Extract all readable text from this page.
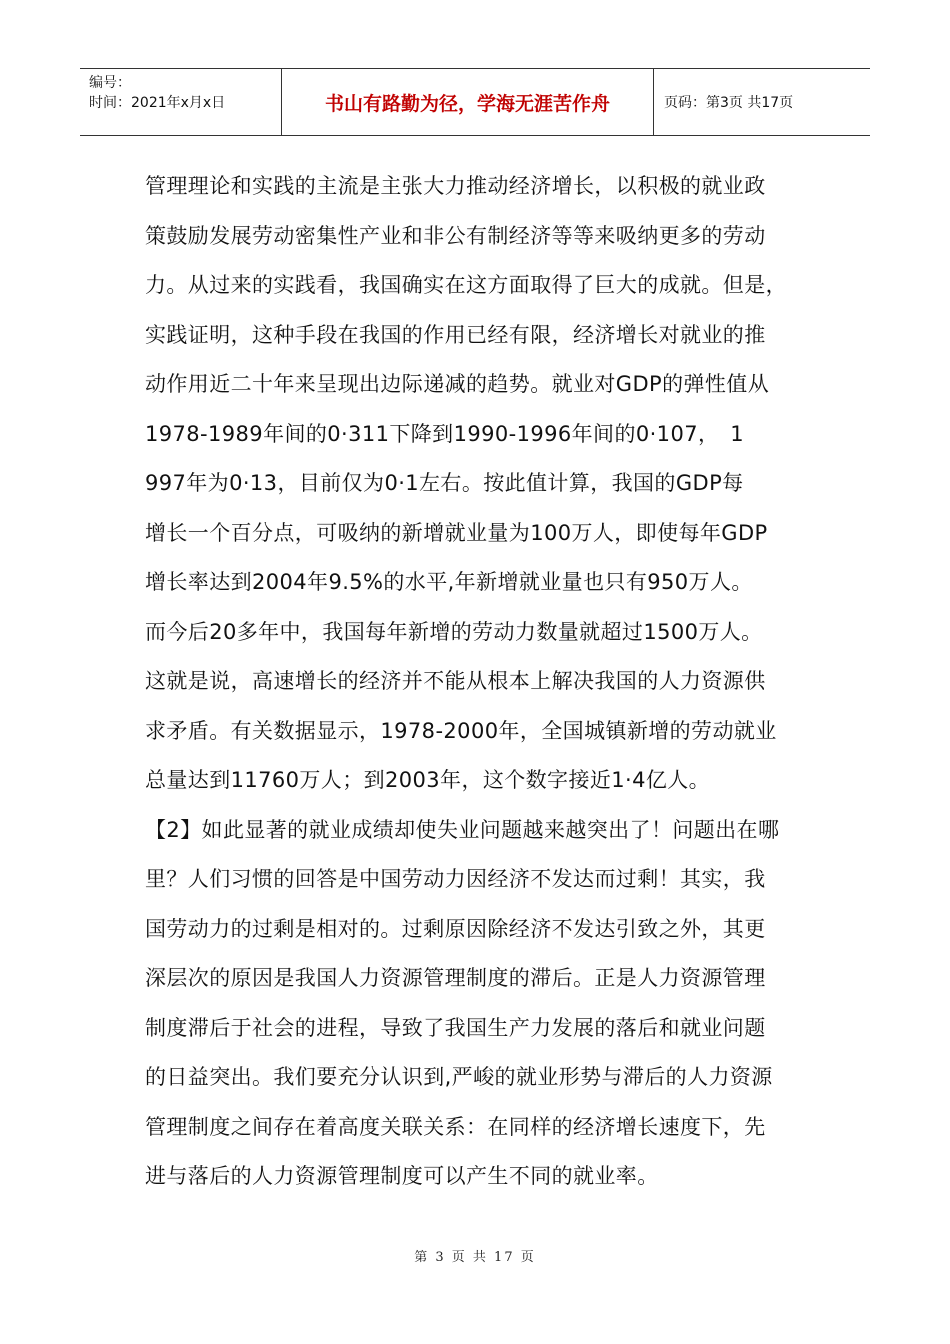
编号：
时间：2021年x月x日	书山有路勤为径，学海无涯苦作舟	页码：第3页 共17页

管理理论和实践的主流是主张大力推动经济增长，以积极的就业政

策鼓励发展劳动密集性产业和非公有制经济等等来吸纳更多的劳动

力。从过来的实践看，我国确实在这方面取得了巨大的成就。但是，

实践证明，这种手段在我国的作用已经有限，经济增长对就业的推

动作用近二十年来呈现出边际递减的趋势。就业对GDP的弹性值从

1978-1989年间的0·311下降到1990-1996年间的0·107，　1

997年为0·13，目前仅为0·1左右。按此值计算，我国的GDP每

增长一个百分点，可吸纳的新增就业量为100万人，即使每年GDP

增长率达到2004年9.5%的水平,年新增就业量也只有950万人。

而今后20多年中，我国每年新增的劳动力数量就超过1500万人。

这就是说，高速增长的经济并不能从根本上解决我国的人力资源供

求矛盾。有关数据显示，1978-2000年，全国城镇新增的劳动就业

总量达到11760万人；到2003年，这个数字接近1·4亿人。

【2】如此显著的就业成绩却使失业问题越来越突出了！问题出在哪

里？人们习惯的回答是中国劳动力因经济不发达而过剩！其实，我

国劳动力的过剩是相对的。过剩原因除经济不发达引致之外，其更

深层次的原因是我国人力资源管理制度的滞后。正是人力资源管理

制度滞后于社会的进程，导致了我国生产力发展的落后和就业问题

的日益突出。我们要充分认识到,严峻的就业形势与滞后的人力资源

管理制度之间存在着高度关联关系：在同样的经济增长速度下，先

进与落后的人力资源管理制度可以产生不同的就业率。

第 3 页 共 17 页
